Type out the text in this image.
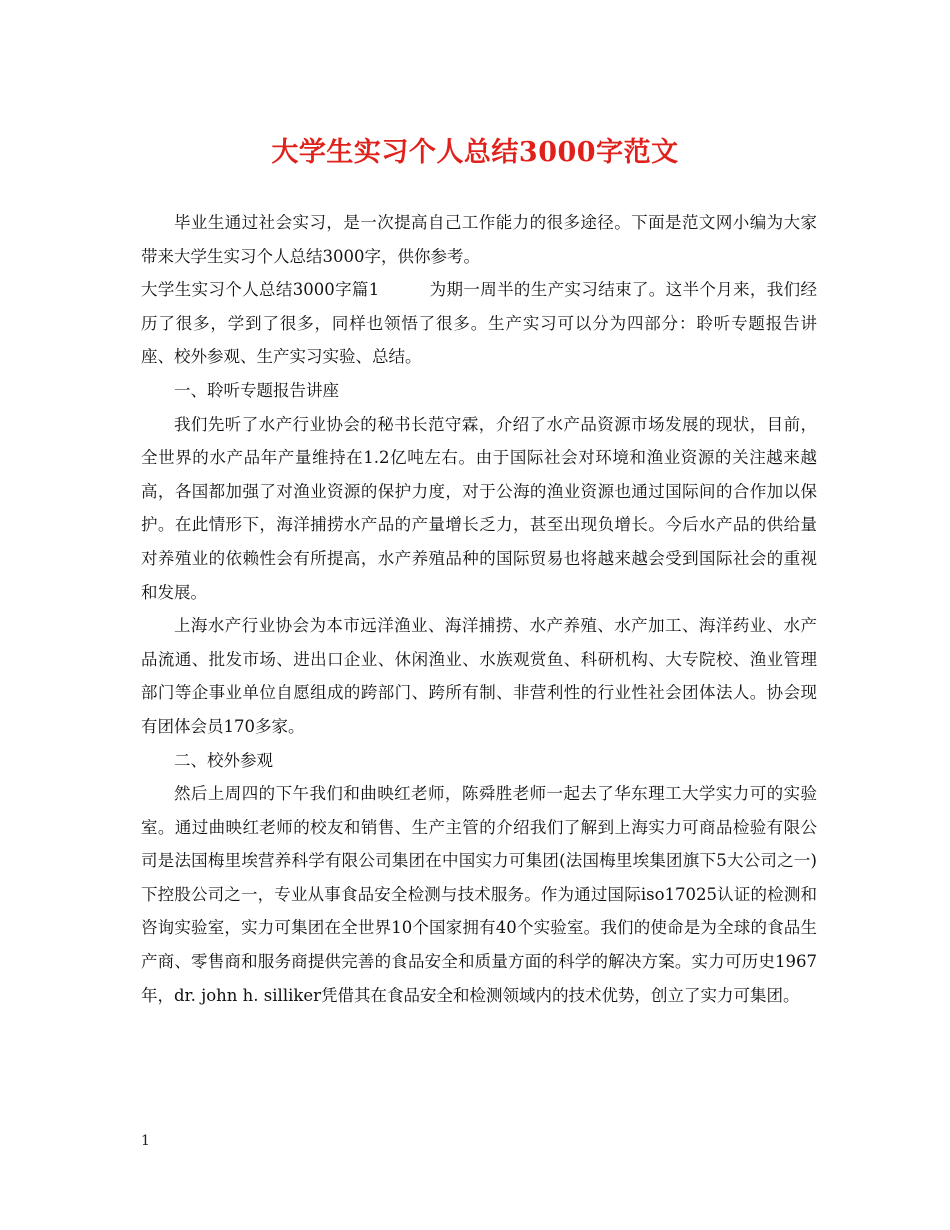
大学生实习个人总结3000字范文

毕业生通过社会实习，是一次提高自己工作能力的很多途径。下面是范文网小编为大家带来大学生实习个人总结3000字，供你参考。

大学生实习个人总结3000字篇1	为期一周半的生产实习结束了。这半个月来，我们经历了很多，学到了很多，同样也领悟了很多。生产实习可以分为四部分：聆听专题报告讲座、校外参观、生产实习实验、总结。

一、聆听专题报告讲座

我们先听了水产行业协会的秘书长范守霖，介绍了水产品资源市场发展的现状，目前，全世界的水产品年产量维持在1.2亿吨左右。由于国际社会对环境和渔业资源的关注越来越高，各国都加强了对渔业资源的保护力度，对于公海的渔业资源也通过国际间的合作加以保护。在此情形下，海洋捕捞水产品的产量增长乏力，甚至出现负增长。今后水产品的供给量对养殖业的依赖性会有所提高，水产养殖品种的国际贸易也将越来越会受到国际社会的重视和发展。

上海水产行业协会为本市远洋渔业、海洋捕捞、水产养殖、水产加工、海洋药业、水产品流通、批发市场、进出口企业、休闲渔业、水族观赏鱼、科研机构、大专院校、渔业管理部门等企事业单位自愿组成的跨部门、跨所有制、非营利性的行业性社会团体法人。协会现有团体会员170多家。

二、校外参观

然后上周四的下午我们和曲映红老师，陈舜胜老师一起去了华东理工大学实力可的实验室。通过曲映红老师的校友和销售、生产主管的介绍我们了解到上海实力可商品检验有限公司是法国梅里埃营养科学有限公司集团在中国实力可集团(法国梅里埃集团旗下5大公司之一)下控股公司之一，专业从事食品安全检测与技术服务。作为通过国际iso17025认证的检测和咨询实验室，实力可集团在全世界10个国家拥有40个实验室。我们的使命是为全球的食品生产商、零售商和服务商提供完善的食品安全和质量方面的科学的解决方案。实力可历史1967年，dr. john h. silliker凭借其在食品安全和检测领域内的技术优势，创立了实力可集团。

1
